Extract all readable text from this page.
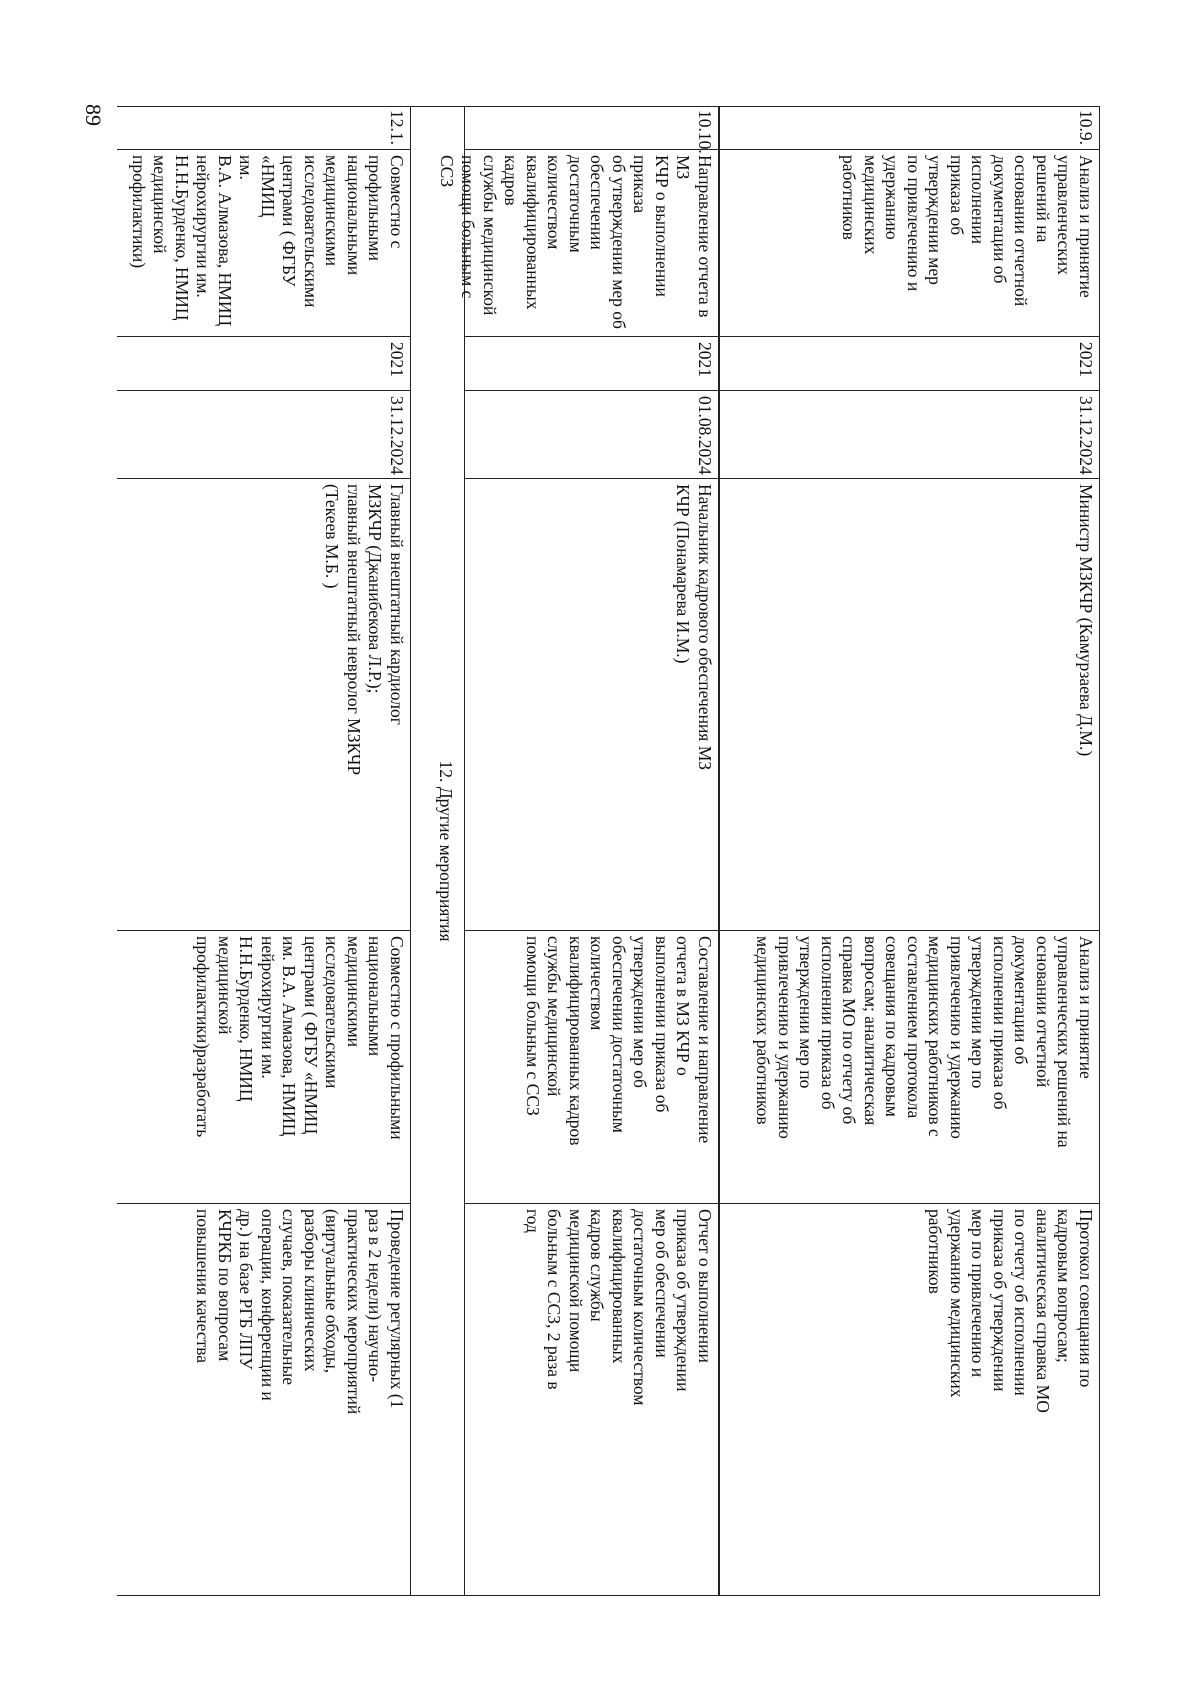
89	10.9.
Анализ и принятие
управленческих решений на
основании отчетной
документации об исполнении
приказа об утверждении мер
по привлечению и
удержанию медицинских
работников
2021
31.12.2024
Министр МЗКЧР (Камурзаева Д.М.)
Анализ и принятие
управленческих решений на
основании отчетной
документации об
исполнении приказа об
утверждении мер по
привлечению и удержанию
медицинских работников с
составлением протокола
совещания по кадровым
вопросам; аналитическая
справка МО по отчету об
исполнении приказа об
утверждении мер по
привлечению и удержанию
медицинских работников
Протокол совещания по
кадровым вопросам;
аналитическая справка МО
по отчету об исполнении
приказа об утверждении
мер по привлечению и
удержанию медицинских
работников
10.10.
Направление отчета в МЗ
КЧР о выполнении приказа
об утверждении мер об
обеспечении достаточным
количеством
квалифицированных кадров
службы медицинской
помощи больным с ССЗ
2021
01.08.2024
Начальник кадрового обеспечения МЗ
КЧР (Понамарева И.М.)
Составление и направление
отчета в МЗ КЧР о
выполнении приказа об
утверждении мер об
обеспечении достаточным
количеством
квалифицированных кадров
службы медицинской
помощи больным с ССЗ
Отчет о выполнении
приказа об утверждении
мер об обеспечении
достаточным количеством
квалифицированных
кадров службы
медицинской помощи
больным с ССЗ, 2 раза в
год
12. Другие мероприятия
12.1.
Совместно с профильными
национальными
медицинскими
исследовательскими
центрами ( ФГБУ «НМИЦ
им.
В.А. Алмазова, НМИЦ
нейрохирургии им.
Н.Н.Бурденко, НМИЦ
медицинской профилактики)
2021
31.12.2024
Главный внештатный кардиолог
МЗКЧР (Джанибекова Л.Р.);
главный внештатный невролог МЗКЧР
(Текеев М.Б. )
Совместно с профильными
национальными
медицинскими
исследовательскими
центрами ( ФГБУ «НМИЦ
им. В.А. Алмазова, НМИЦ
нейрохирургии им.
Н.Н.Бурденко, НМИЦ
медицинской
профилактики)разработать
Проведение регулярных (1
раз в 2 недели) научно-
практических мероприятий
(виртуальные обходы,
разборы клинических
случаев, показательные
операции, конференции и
др.) на базе РГБ ЛПУ
КЧРКБ по вопросам
повышения качества
